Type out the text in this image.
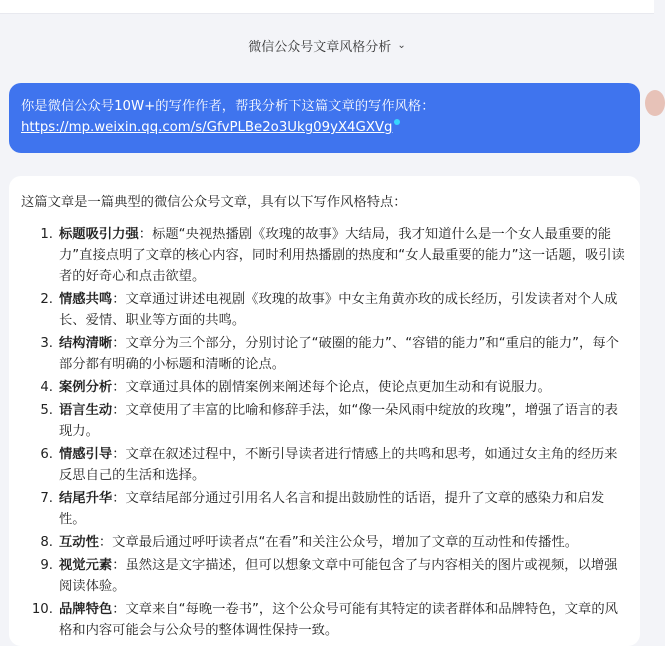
微信公众号文章风格分析 ⌄
你是微信公众号10W+的写作作者，帮我分析下这篇文章的写作风格：
https://mp.weixin.qq.com/s/GfvPLBe2o3Ukg09yX4GXVg
这篇文章是一篇典型的微信公众号文章，具有以下写作风格特点：
1. 标题吸引力强：标题“央视热播剧《玫瑰的故事》大结局，我才知道什么是一个女人最重要的能力”直接点明了文章的核心内容，同时利用热播剧的热度和“女人最重要的能力”这一话题，吸引读者的好奇心和点击欲望。
2. 情感共鸣：文章通过讲述电视剧《玫瑰的故事》中女主角黄亦玫的成长经历，引发读者对个人成长、爱情、职业等方面的共鸣。
3. 结构清晰：文章分为三个部分，分别讨论了“破圈的能力”、“容错的能力”和“重启的能力”，每个部分都有明确的小标题和清晰的论点。
4. 案例分析：文章通过具体的剧情案例来阐述每个论点，使论点更加生动和有说服力。
5. 语言生动：文章使用了丰富的比喻和修辞手法，如“像一朵风雨中绽放的玫瑰”，增强了语言的表现力。
6. 情感引导：文章在叙述过程中，不断引导读者进行情感上的共鸣和思考，如通过女主角的经历来反思自己的生活和选择。
7. 结尾升华：文章结尾部分通过引用名人名言和提出鼓励性的话语，提升了文章的感染力和启发性。
8. 互动性：文章最后通过呼吁读者点“在看”和关注公众号，增加了文章的互动性和传播性。
9. 视觉元素：虽然这是文字描述，但可以想象文章中可能包含了与内容相关的图片或视频，以增强阅读体验。
10. 品牌特色：文章来自“每晚一卷书”，这个公众号可能有其特定的读者群体和品牌特色，文章的风格和内容可能会与公众号的整体调性保持一致。
